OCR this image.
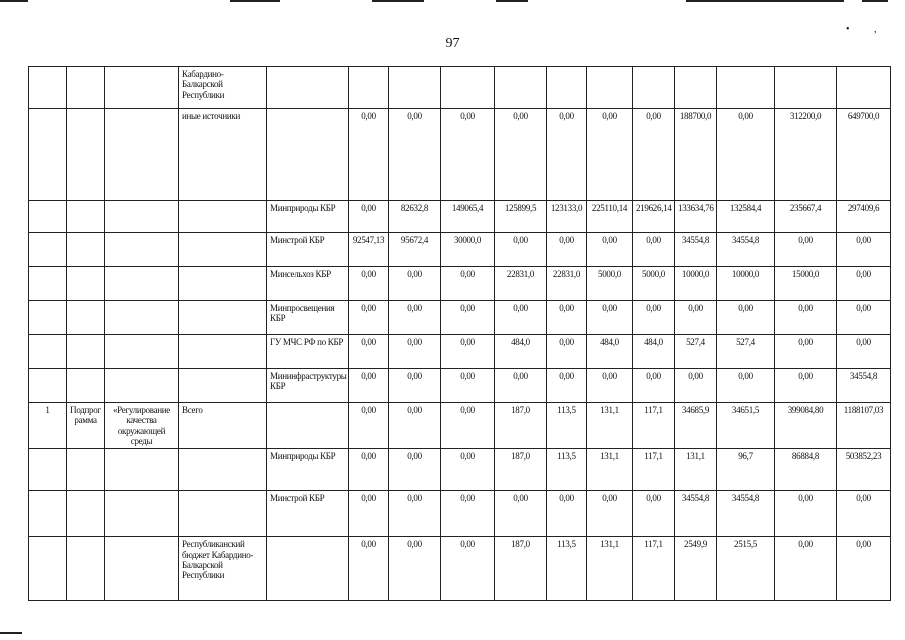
• ,
97
			Кабардино-Балкарской Республики												
			иные источники		0,00	0,00	0,00	0,00	0,00	0,00	0,00	188700,0	0,00	312200,0	649700,0
				Минприроды КБР	0,00	82632,8	149065,4	125899,5	123133,0	225110,14	219626,14	133634,76	132584,4	235667,4	297409,6
				Минстрой КБР	92547,13	95672,4	30000,0	0,00	0,00	0,00	0,00	34554,8	34554,8	0,00	0,00
				Минсельхоз КБР	0,00	0,00	0,00	22831,0	22831,0	5000,0	5000,0	10000,0	10000,0	15000,0	0,00
				Минпросвещения КБР	0,00	0,00	0,00	0,00	0,00	0,00	0,00	0,00	0,00	0,00	0,00
				ГУ МЧС РФ по КБР	0,00	0,00	0,00	484,0	0,00	484,0	484,0	527,4	527,4	0,00	0,00
				Мининфраструктуры КБР	0,00	0,00	0,00	0,00	0,00	0,00	0,00	0,00	0,00	0,00	34554,8
1	Подпрограмма	«Регулирование качества окружающей среды	Всего		0,00	0,00	0,00	187,0	113,5	131,1	117,1	34685,9	34651,5	399084,80	1188107,03
				Минприроды КБР	0,00	0,00	0,00	187,0	113,5	131,1	117,1	131,1	96,7	86884,8	503852,23
				Минстрой КБР	0,00	0,00	0,00	0,00	0,00	0,00	0,00	34554,8	34554,8	0,00	0,00
			Республиканский бюджет Кабардино-Балкарской Республики		0,00	0,00	0,00	187,0	113,5	131,1	117,1	2549,9	2515,5	0,00	0,00
